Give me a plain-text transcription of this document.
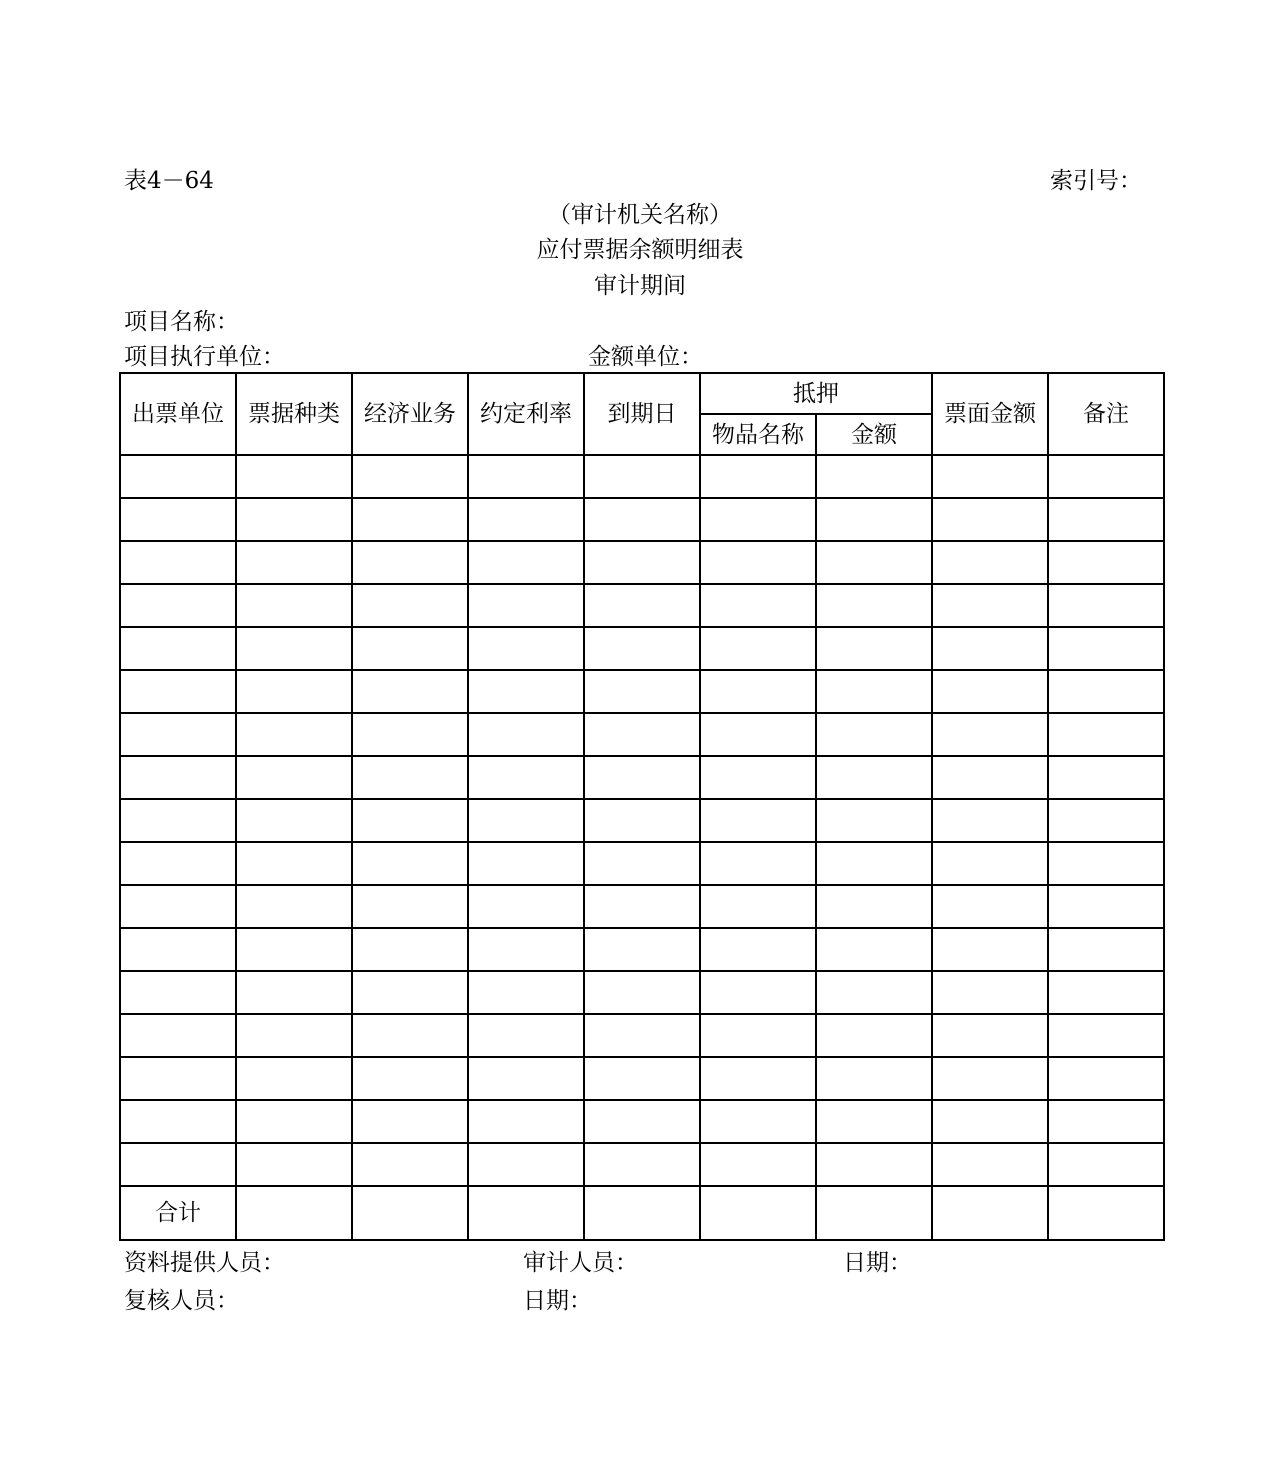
表4－64	索引号：
（审计机关名称）
应付票据余额明细表
审计期间
项目名称：
项目执行单位：	金额单位：
出票单位	票据种类	经济业务	约定利率	到期日	抵押		票面金额	备注
					物品名称	金额		

合计								
资料提供人员：	审计人员：	日期：
复核人员：	日期：
